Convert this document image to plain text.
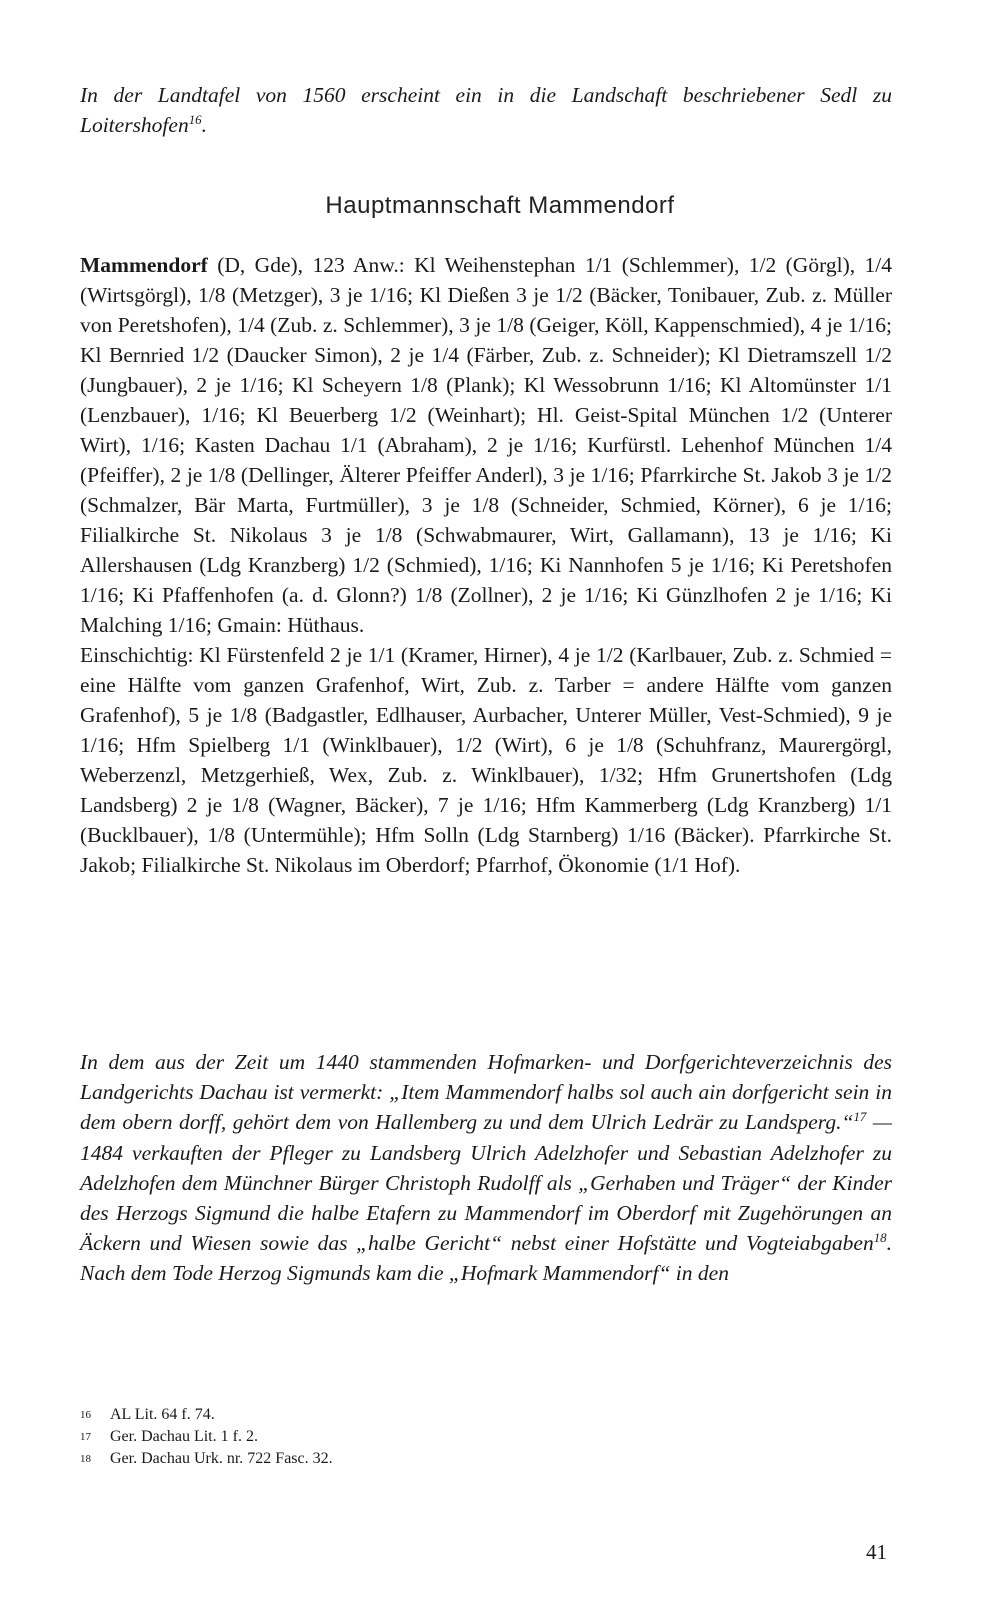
In der Landtafel von 1560 erscheint ein in die Landschaft beschriebener Sedl zu Loitershofen$^{16}$.
Hauptmannschaft Mammendorf

Mammendorf (D, Gde), 123 Anw.: Kl Weihenstephan 1/1 (Schlemmer), 1/2 (Görgl), 1/4 (Wirtsgörgl), 1/8 (Metzger), 3 je 1/16; Kl Dießen 3 je 1/2 (Bäcker, Tonibauer, Zub. z. Müller von Peretshofen), 1/4 (Zub. z. Schlemmer), 3 je 1/8 (Geiger, Köll, Kappenschmied), 4 je 1/16; Kl Bernried 1/2 (Daucker Simon), 2 je 1/4 (Färber, Zub. z. Schneider); Kl Dietramszell 1/2 (Jungbauer), 2 je 1/16; Kl Scheyern 1/8 (Plank); Kl Wessobrunn 1/16; Kl Altomünster 1/1 (Lenzbauer), 1/16; Kl Beuerberg 1/2 (Weinhart); Hl. Geist-Spital München 1/2 (Unterer Wirt), 1/16; Kasten Dachau 1/1 (Abraham), 2 je 1/16; Kurfürstl. Lehenhof München 1/4 (Pfeiffer), 2 je 1/8 (Dellinger, Älterer Pfeiffer Anderl), 3 je 1/16; Pfarrkirche St. Jakob 3 je 1/2 (Schmalzer, Bär Marta, Furtmüller), 3 je 1/8 (Schneider, Schmied, Körner), 6 je 1/16; Filialkirche St. Nikolaus 3 je 1/8 (Schwabmaurer, Wirt, Gallamann), 13 je 1/16; Ki Allershausen (Ldg Kranzberg) 1/2 (Schmied), 1/16; Ki Nannhofen 5 je 1/16; Ki Peretshofen 1/16; Ki Pfaffenhofen (a. d. Glonn?) 1/8 (Zollner), 2 je 1/16; Ki Günzlhofen 2 je 1/16; Ki Malching 1/16; Gmain: Hüthaus.

Einschichtig: Kl Fürstenfeld 2 je 1/1 (Kramer, Hirner), 4 je 1/2 (Karlbauer, Zub. z. Schmied = eine Hälfte vom ganzen Grafenhof, Wirt, Zub. z. Tarber = andere Hälfte vom ganzen Grafenhof), 5 je 1/8 (Badgastler, Edlhauser, Aurbacher, Unterer Müller, Vest-Schmied), 9 je 1/16; Hfm Spielberg 1/1 (Winklbauer), 1/2 (Wirt), 6 je 1/8 (Schuhfranz, Maurergörgl, Weberzenzl, Metzgerhieß, Wex, Zub. z. Winklbauer), 1/32; Hfm Grunertshofen (Ldg Landsberg) 2 je 1/8 (Wagner, Bäcker), 7 je 1/16; Hfm Kammerberg (Ldg Kranzberg) 1/1 (Bucklbauer), 1/8 (Untermühle); Hfm Solln (Ldg Starnberg) 1/16 (Bäcker). Pfarrkirche St. Jakob; Filialkirche St. Nikolaus im Oberdorf; Pfarrhof, Ökonomie (1/1 Hof).

In dem aus der Zeit um 1440 stammenden Hofmarken- und Dorfgerichteverzeichnis des Landgerichts Dachau ist vermerkt: „Item Mammendorf halbs sol auch ain dorfgericht sein in dem obern dorff, gehört dem von Hallemberg zu und dem Ulrich Ledrär zu Landsperg.“$^{17}$ — 1484 verkauften der Pfleger zu Landsberg Ulrich Adelzhofer und Sebastian Adelzhofer zu Adelzhofen dem Münchner Bürger Christoph Rudolff als „Gerhaben und Träger“ der Kinder des Herzogs Sigmund die halbe Etafern zu Mammendorf im Oberdorf mit Zugehörungen an Äckern und Wiesen sowie das „halbe Gericht“ nebst einer Hofstätte und Vogteiabgaben$^{18}$. Nach dem Tode Herzog Sigmunds kam die „Hofmark Mammendorf“ in den
16	AL Lit. 64 f. 74.
17	Ger. Dachau Lit. 1 f. 2.
18	Ger. Dachau Urk. nr. 722 Fasc. 32.
41
